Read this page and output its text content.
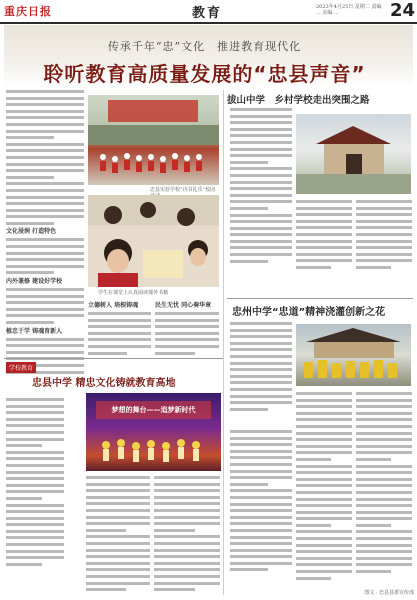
重庆日报	教育	2023年4月25日 星期二 责编 ... 美编 ...	24
传承千年“忠”文化　推进教育现代化
聆听教育高质量发展的“忠县声音”
文化浸润 打造特色
内外兼修 建设好学校
植忠于学 铸魂育新人
忠县实验学校“诗书礼乐”校园
学生在课堂上认真阅读课外书籍
立德树人 培根铸魂	民生无忧 同心奏华章
拔山中学　乡村学校走出突围之路
忠州中学“忠道”精神浇灌创新之花
学校教育
忠县中学 精忠文化铸就教育高地
梦想的舞台——追梦新时代
图文 · 忠县县委宣传部
